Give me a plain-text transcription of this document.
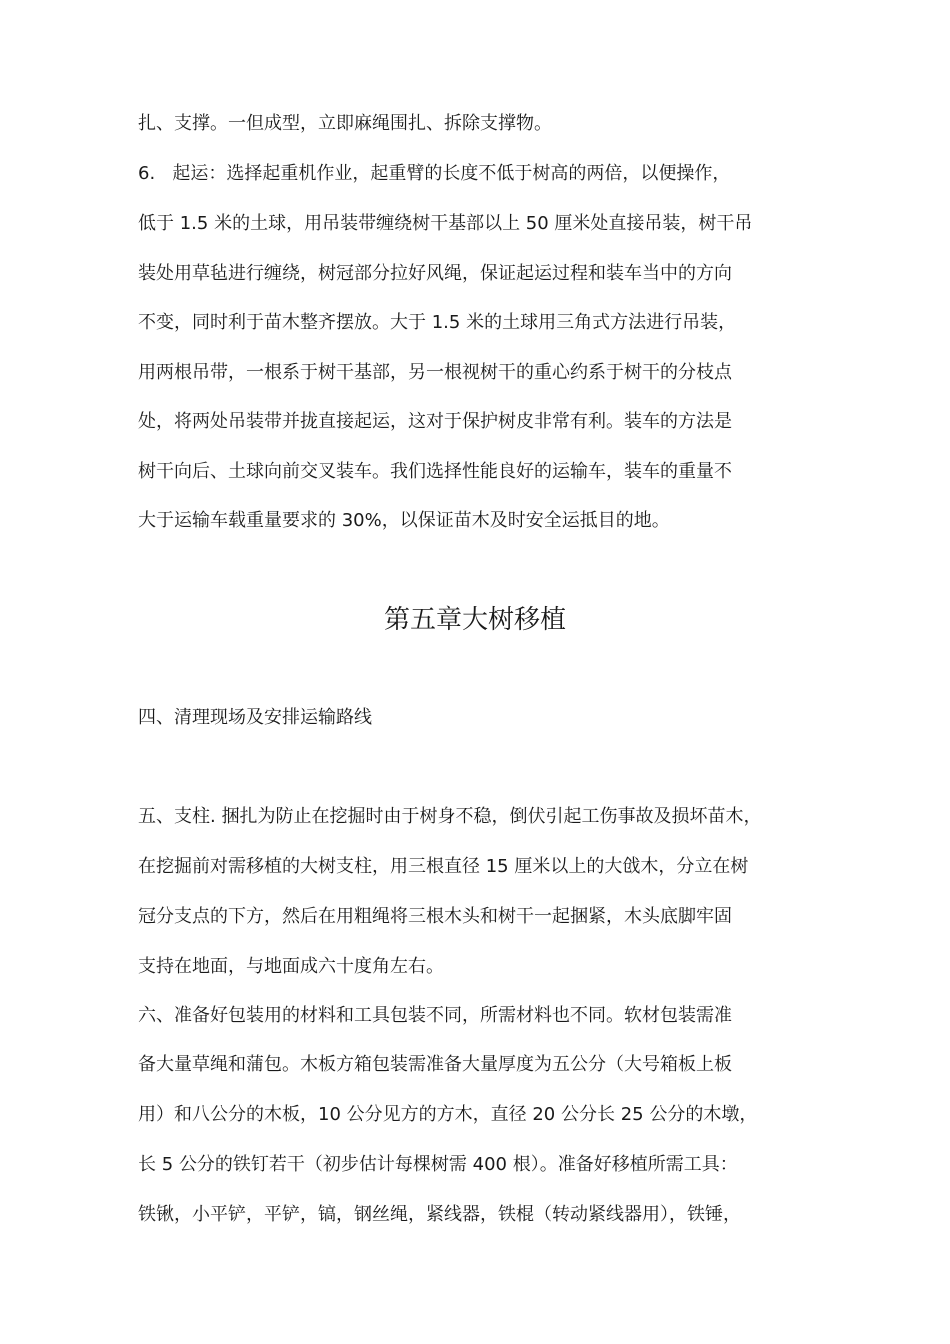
扎、支撑。一但成型，立即麻绳围扎、拆除支撑物。
6.   起运：选择起重机作业，起重臂的长度不低于树高的两倍，以便操作，
低于 1.5 米的土球，用吊装带缠绕树干基部以上 50 厘米处直接吊装，树干吊
装处用草毡进行缠绕，树冠部分拉好风绳，保证起运过程和装车当中的方向
不变，同时利于苗木整齐摆放。大于 1.5 米的土球用三角式方法进行吊装，
用两根吊带，一根系于树干基部，另一根视树干的重心约系于树干的分枝点
处，将两处吊装带并拢直接起运，这对于保护树皮非常有利。装车的方法是
树干向后、土球向前交叉装车。我们选择性能良好的运输车，装车的重量不
大于运输车载重量要求的 30%，以保证苗木及时安全运抵目的地。
第五章大树移植
四、清理现场及安排运输路线
五、支柱. 捆扎为防止在挖掘时由于树身不稳，倒伏引起工伤事故及损坏苗木，
在挖掘前对需移植的大树支柱，用三根直径 15 厘米以上的大戗木，分立在树
冠分支点的下方，然后在用粗绳将三根木头和树干一起捆紧，木头底脚牢固
支持在地面，与地面成六十度角左右。
六、准备好包装用的材料和工具包装不同，所需材料也不同。软材包装需准
备大量草绳和蒲包。木板方箱包装需准备大量厚度为五公分（大号箱板上板
用）和八公分的木板，10 公分见方的方木，直径 20 公分长 25 公分的木墩，
长 5 公分的铁钉若干（初步估计每棵树需 400 根）。准备好移植所需工具：
铁锹，小平铲，平铲，镐，钢丝绳，紧线器，铁棍（转动紧线器用），铁锤，
